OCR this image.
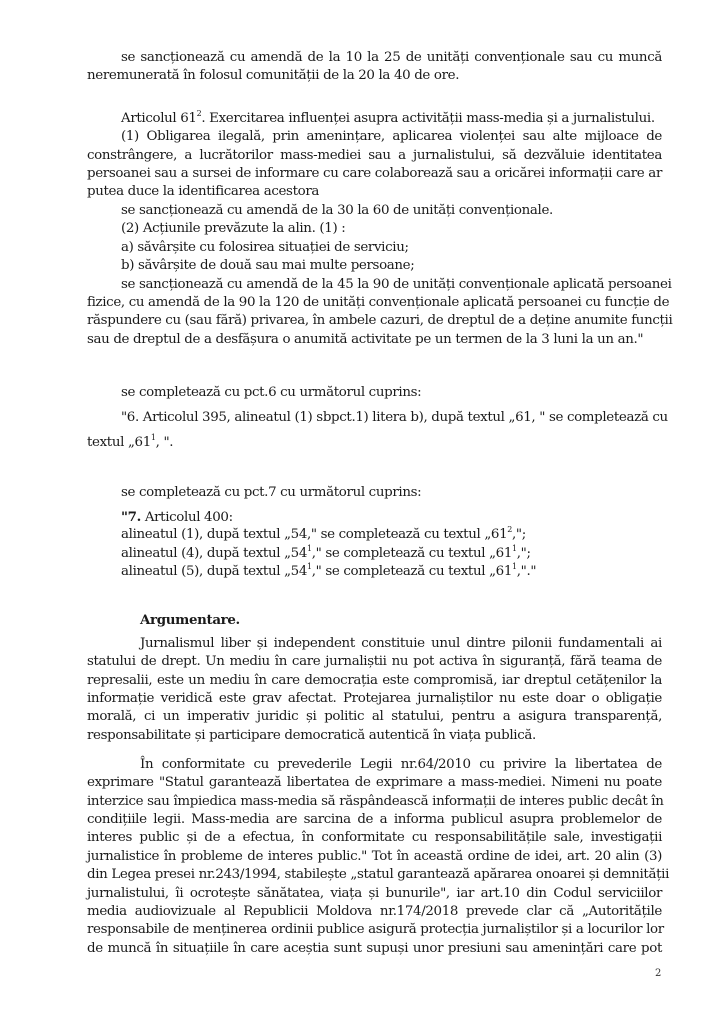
se sancționează cu amendă de la 10 la 25 de unități convenționale sau cu muncă
neremunerată în folosul comunității de la 20 la 40 de ore.
Articolul $61^2$. Exercitarea influenței asupra activității mass-media și a jurnalistului.
(1) Obligarea ilegală, prin amenințare, aplicarea violenței sau alte mijloace de
constrângere, a lucrătorilor mass-mediei sau a jurnalistului, să dezvăluie identitatea
persoanei sau a sursei de informare cu care colaborează sau a oricărei informații care ar
putea duce la identificarea acestora
se sancționează cu amendă de la 30 la 60 de unități convenționale.
(2) Acțiunile prevăzute la alin. (1) :
a) săvârșite cu folosirea situației de serviciu;
b) săvârșite de două sau mai multe persoane;
se sancționează cu amendă de la 45 la 90 de unități convenționale aplicată persoanei
fizice, cu amendă de la 90 la 120 de unități convenționale aplicată persoanei cu funcție de
răspundere cu (sau fără) privarea, în ambele cazuri, de dreptul de a deține anumite funcții
sau de dreptul de a desfășura o anumită activitate pe un termen de la 3 luni la un an."
se completează cu pct.6 cu următorul cuprins:
"6. Articolul 395, alineatul (1) sbpct.1) litera b), după textul „61, " se completează cu
textul $„61^1$, ".
se completează cu pct.7 cu următorul cuprins:
"7. Articolul 400:
alineatul (1), după textul „54," se completează cu textul $„61^2$,";
alineatul (4), după textul $„54^1$," se completează cu textul $„61^1$,";
alineatul (5), după textul $„54^1$," se completează cu textul $„61^1$,"."
Argumentare.
Jurnalismul liber și independent constituie unul dintre pilonii fundamentali ai
statului de drept. Un mediu în care jurnaliștii nu pot activa în siguranță, fără teama de
represalii, este un mediu în care democrația este compromisă, iar dreptul cetățenilor la
informație veridică este grav afectat. Protejarea jurnaliștilor nu este doar o obligație
morală, ci un imperativ juridic și politic al statului, pentru a asigura transparență,
responsabilitate și participare democratică autentică în viața publică.
În conformitate cu prevederile Legii nr.64/2010 cu privire la libertatea de
exprimare "Statul garantează libertatea de exprimare a mass-mediei. Nimeni nu poate
interzice sau împiedica mass-media să răspândească informații de interes public decât în
condițiile legii. Mass-media are sarcina de a informa publicul asupra problemelor de
interes public și de a efectua, în conformitate cu responsabilitățile sale, investigații
jurnalistice în probleme de interes public." Tot în această ordine de idei, art. 20 alin (3)
din Legea presei nr.243/1994, stabilește „statul garantează apărarea onoarei și demnității
jurnalistului, îi ocrotește sănătatea, viața și bunurile", iar art.10 din Codul serviciilor
media audiovizuale al Republicii Moldova nr.174/2018 prevede clar că „Autoritățile
responsabile de menținerea ordinii publice asigură protecția jurnaliștilor și a locurilor lor
de muncă în situațiile în care aceștia sunt supuși unor presiuni sau amenințări care pot
2
